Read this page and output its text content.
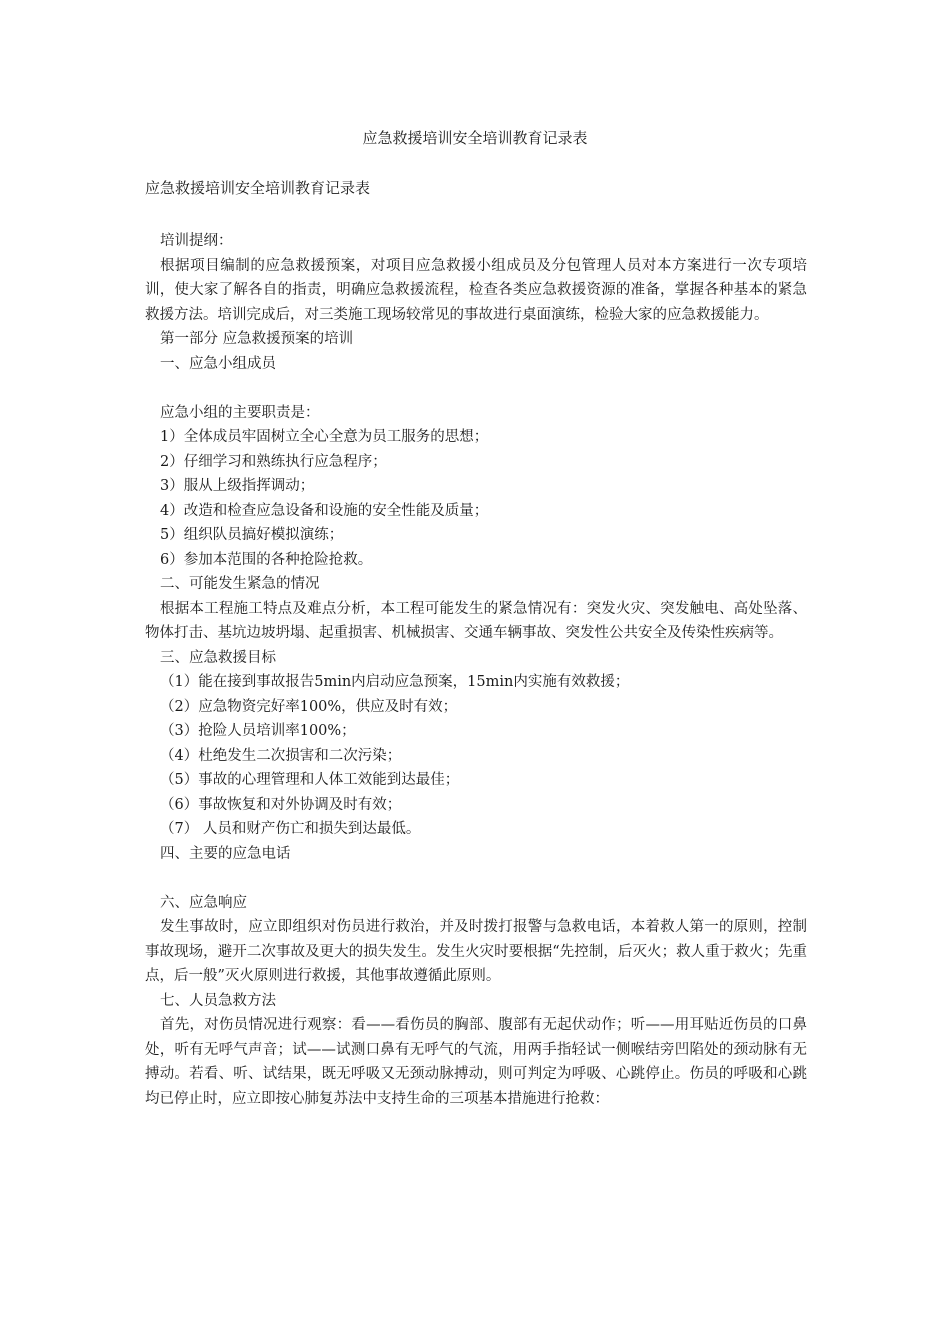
应急救援培训安全培训教育记录表
应急救援培训安全培训教育记录表

培训提纲：

根据项目编制的应急救援预案，对项目应急救援小组成员及分包管理人员对本方案进行一次专项培训，使大家了解各自的指责，明确应急救援流程，检查各类应急救援资源的准备，掌握各种基本的紧急救援方法。培训完成后，对三类施工现场较常见的事故进行桌面演练，检验大家的应急救援能力。

第一部分 应急救援预案的培训

一、应急小组成员

应急小组的主要职责是：

1）全体成员牢固树立全心全意为员工服务的思想；

2）仔细学习和熟练执行应急程序；

3）服从上级指挥调动；

4）改造和检查应急设备和设施的安全性能及质量；

5）组织队员搞好模拟演练；

6）参加本范围的各种抢险抢救。

二、可能发生紧急的情况

根据本工程施工特点及难点分析，本工程可能发生的紧急情况有：突发火灾、突发触电、高处坠落、物体打击、基坑边坡坍塌、起重损害、机械损害、交通车辆事故、突发性公共安全及传染性疾病等。

三、应急救援目标

（1）能在接到事故报告5min内启动应急预案，15min内实施有效救援；

（2）应急物资完好率100%，供应及时有效；

（3）抢险人员培训率100%；

（4）杜绝发生二次损害和二次污染；

（5）事故的心理管理和人体工效能到达最佳；

（6）事故恢复和对外协调及时有效；

（7） 人员和财产伤亡和损失到达最低。

四、主要的应急电话

六、应急响应

发生事故时，应立即组织对伤员进行救治，并及时拨打报警与急救电话，本着救人第一的原则，控制事故现场，避开二次事故及更大的损失发生。发生火灾时要根据“先控制，后灭火；救人重于救火；先重点，后一般”灭火原则进行救援，其他事故遵循此原则。

七、人员急救方法

首先，对伤员情况进行观察：看——看伤员的胸部、腹部有无起伏动作；听——用耳贴近伤员的口鼻处，听有无呼气声音；试——试测口鼻有无呼气的气流，用两手指轻试一侧喉结旁凹陷处的颈动脉有无搏动。若看、听、试结果，既无呼吸又无颈动脉搏动，则可判定为呼吸、心跳停止。伤员的呼吸和心跳均已停止时，应立即按心肺复苏法中支持生命的三项基本措施进行抢救：
